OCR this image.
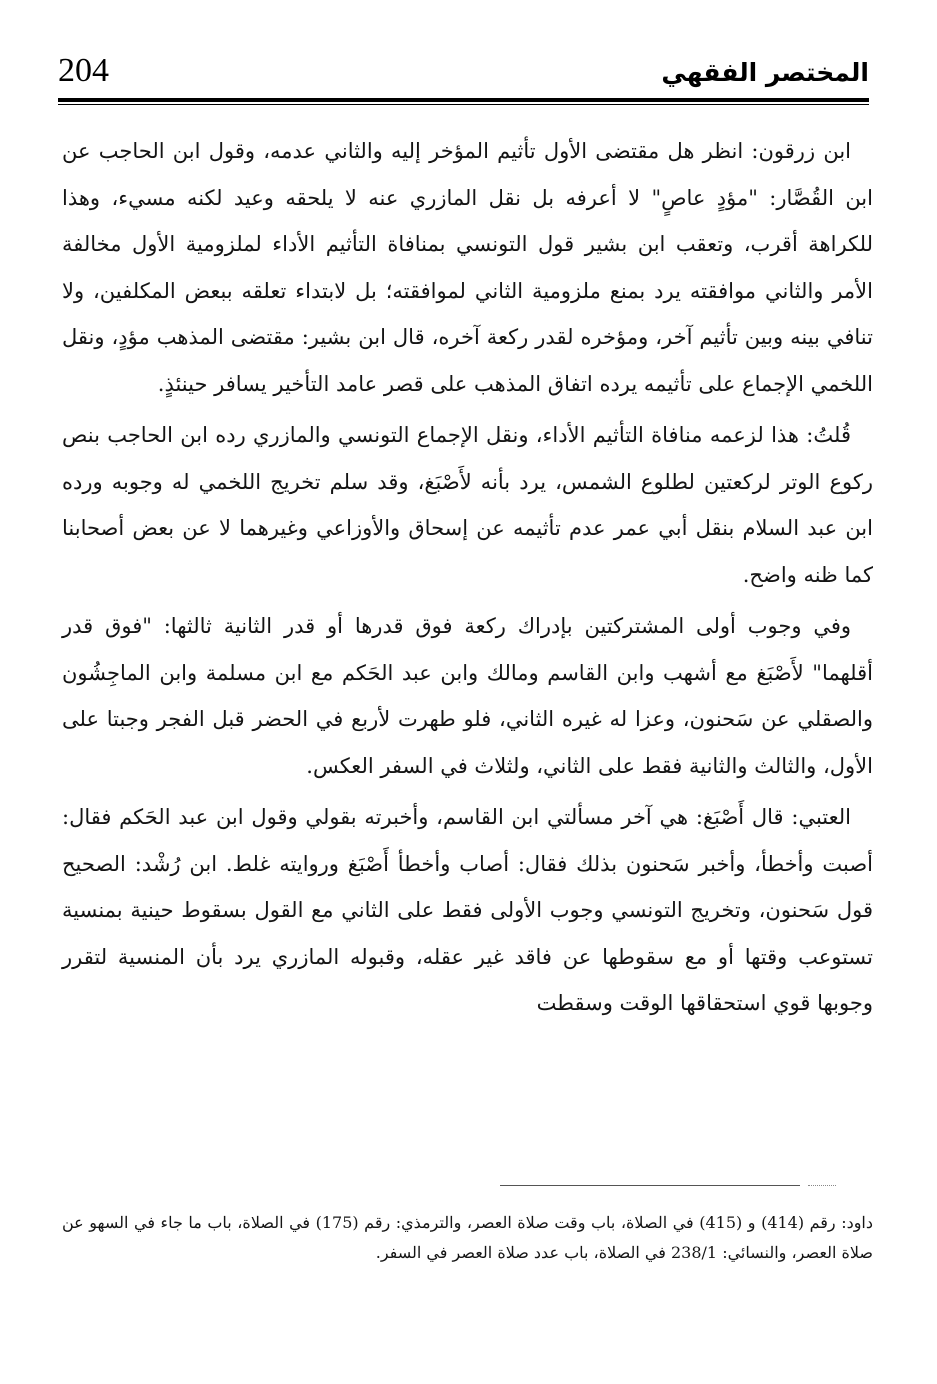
المختصر الفقهي
204

ابن زرقون: انظر هل مقتضى الأول تأثيم المؤخر إليه والثاني عدمه، وقول ابن الحاجب عن ابن القُصَّار: "مؤدٍ عاصٍ" لا أعرفه بل نقل المازري عنه لا يلحقه وعيد لكنه مسيء، وهذا للكراهة أقرب، وتعقب ابن بشير قول التونسي بمنافاة التأثيم الأداء لملزومية الأول مخالفة الأمر والثاني موافقته يرد بمنع ملزومية الثاني لموافقته؛ بل لابتداء تعلقه ببعض المكلفين، ولا تنافي بينه وبين تأثيم آخر، ومؤخره لقدر ركعة آخره، قال ابن بشير: مقتضى المذهب مؤدٍ، ونقل اللخمي الإجماع على تأثيمه يرده اتفاق المذهب على قصر عامد التأخير يسافر حينئذٍ.

قُلتُ: هذا لزعمه منافاة التأثيم الأداء، ونقل الإجماع التونسي والمازري رده ابن الحاجب بنص ركوع الوتر لركعتين لطلوع الشمس، يرد بأنه لأَصْبَغ، وقد سلم تخريج اللخمي له وجوبه ورده ابن عبد السلام بنقل أبي عمر عدم تأثيمه عن إسحاق والأوزاعي وغيرهما لا عن بعض أصحابنا كما ظنه واضح.

وفي وجوب أولى المشتركتين بإدراك ركعة فوق قدرها أو قدر الثانية ثالثها: "فوق قدر أقلهما" لأَصْبَغ مع أشهب وابن القاسم ومالك وابن عبد الحَكم مع ابن مسلمة وابن الماجِشُون والصقلي عن سَحنون، وعزا له غيره الثاني، فلو طهرت لأربع في الحضر قبل الفجر وجبتا على الأول، والثالث والثانية فقط على الثاني، ولثلاث في السفر العكس.

العتبي: قال أَصْبَغ: هي آخر مسألتي ابن القاسم، وأخبرته بقولي وقول ابن عبد الحَكم فقال: أصبت وأخطأ، وأخبر سَحنون بذلك فقال: أصاب وأخطأ أَصْبَغ وروايته غلط. ابن رُشْد: الصحيح قول سَحنون، وتخريج التونسي وجوب الأولى فقط على الثاني مع القول بسقوط حينية بمنسية تستوعب وقتها أو مع سقوطها عن فاقد غير عقله، وقبوله المازري يرد بأن المنسية لتقرر وجوبها قوي استحقاقها الوقت وسقطت

داود: رقم (414) و (415) في الصلاة، باب وقت صلاة العصر، والترمذي: رقم (175) في الصلاة، باب ما جاء في السهو عن صلاة العصر، والنسائي: 238/1 في الصلاة، باب عدد صلاة العصر في السفر.
